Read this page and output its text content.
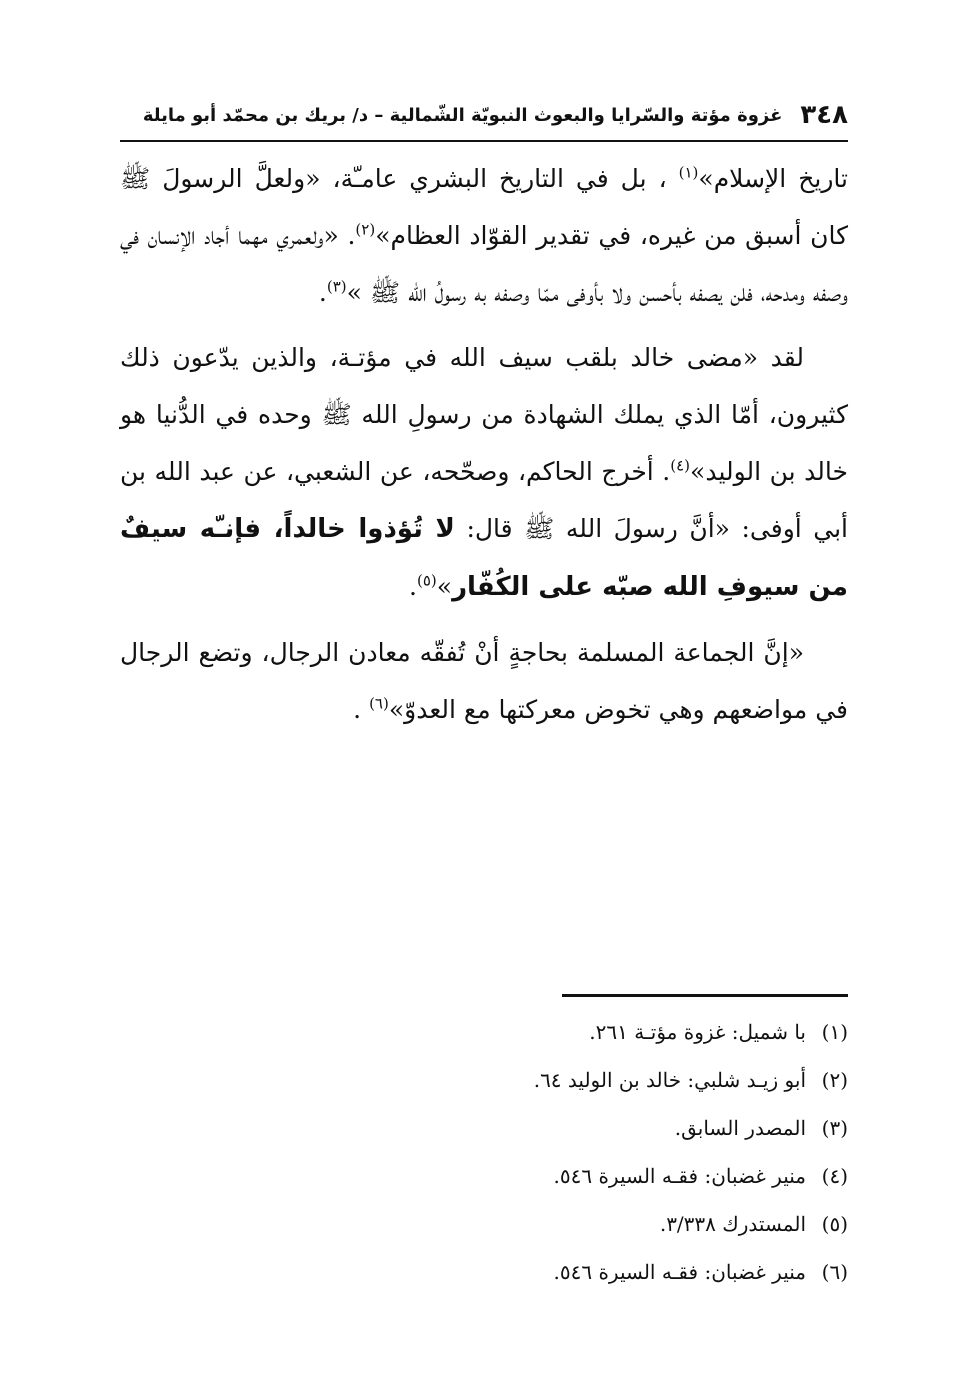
٣٤٨
غزوة مؤتة والسّرايا والبعوث النبويّة الشّمالية – د/ بريك بن محمّد أبو مايلة

تاريخ الإسلام»$^{(١)}$ ، بل في التاريخ البشري عامـّة، «ولعلَّ الرسولَ ﷺ كان أسبق من غيره، في تقدير القوّاد العظام»$^{(٢)}$. «ولعمري مهما أجاد الإنسان في وصفه ومدحه، فلن يصفه بأحسن ولا بأوفى ممّا وصفه به رسولُ الله ﷺ »$^{(٣)}$.

لقد «مضى خالد بلقب سيف الله في مؤتـة، والذين يدّعون ذلك كثيرون، أمّا الذي يملك الشهادة من رسولِ الله ﷺ وحده في الدُّنيا هو خالد بن الوليد»$^{(٤)}$. أخرج الحاكم، وصحّحه، عن الشعبي، عن عبد الله بن أبي أوفى: «أنَّ رسولَ الله ﷺ قال: لا تُؤذوا خالداً، فإنـّه سيفٌ من سيوفِ الله صبّه على الكُفّار»$^{(٥)}$.

«إنَّ الجماعة المسلمة بحاجةٍ أنْ تُفقّه معادن الرجال، وتضع الرجال في مواضعهم وهي تخوض معركتها مع العدوّ»$^{(٦)}$ .

(١)
با شميل: غزوة مؤتـة ٢٦١.
(٢)
أبو زيـد شلبي: خالد بن الوليد ٦٤.
(٣)
المصدر السابق.
(٤)
منير غضبان: فقـه السيرة ٥٤٦.
(٥)
المستدرك ٣/٣٣٨.
(٦)
منير غضبان: فقـه السيرة ٥٤٦.
